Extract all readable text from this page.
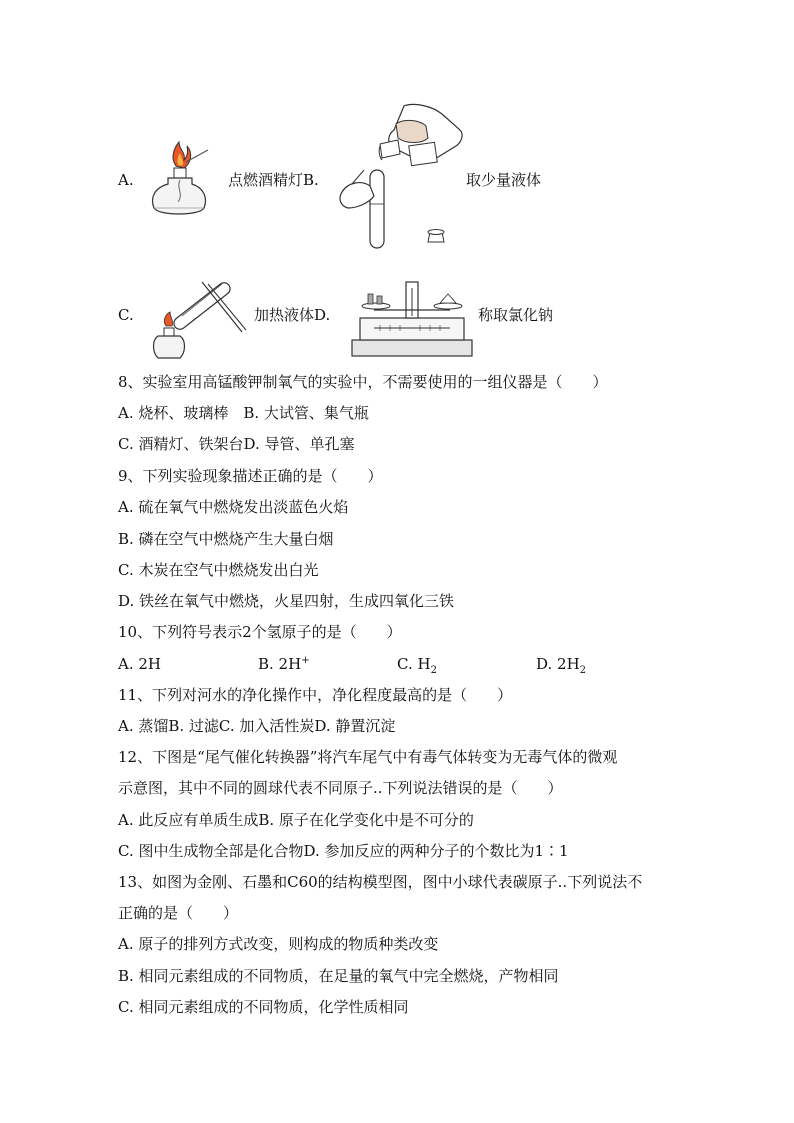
A.	点燃酒精灯B.	取少量液体
C.	加热液体D.	称取氯化钠
8、实验室用高锰酸钾制氧气的实验中，不需要使用的一组仪器是（　　）
A. 烧杯、玻璃棒　B. 大试管、集气瓶
C. 酒精灯、铁架台D. 导管、单孔塞
9、下列实验现象描述正确的是（　　）
A. 硫在氧气中燃烧发出淡蓝色火焰
B. 磷在空气中燃烧产生大量白烟
C. 木炭在空气中燃烧发出白光
D. 铁丝在氧气中燃烧，火星四射，生成四氧化三铁
10、下列符号表示2个氢原子的是（　　）
A. 2H	B. 2H+	C. $H_2$	D. $2H_2$
11、下列对河水的净化操作中，净化程度最高的是（　　）
A. 蒸馏B. 过滤C. 加入活性炭D. 静置沉淀
12、下图是“尾气催化转换器”将汽车尾气中有毒气体转变为无毒气体的微观
示意图，其中不同的圆球代表不同原子..下列说法错误的是（　　）
A. 此反应有单质生成B. 原子在化学变化中是不可分的
C. 图中生成物全部是化合物D. 参加反应的两种分子的个数比为1∶1
13、如图为金刚、石墨和C60的结构模型图，图中小球代表碳原子..下列说法不
正确的是（　　）
A. 原子的排列方式改变，则构成的物质种类改变
B. 相同元素组成的不同物质，在足量的氧气中完全燃烧，产物相同
C. 相同元素组成的不同物质，化学性质相同
